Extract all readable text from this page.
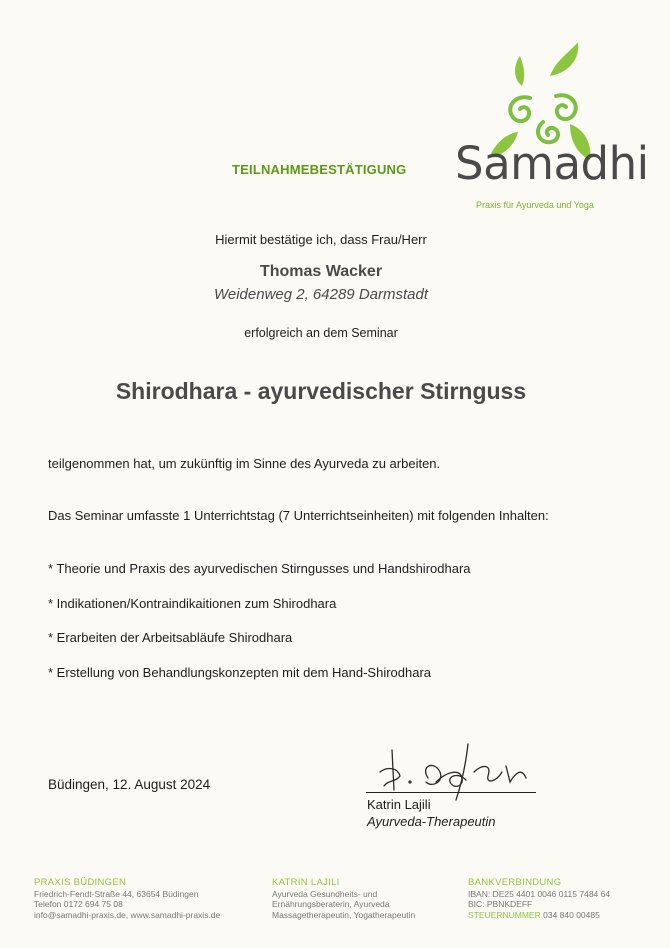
TEILNAHMEBESTÄTIGUNG Samadhi
Praxis für Ayurveda und Yoga
Hiermit bestätige ich, dass Frau/Herr
Thomas Wacker
Weidenweg 2, 64289 Darmstadt
erfolgreich an dem Seminar
Shirodhara - ayurvedischer Stirnguss
teilgenommen hat, um zukünftig im Sinne des Ayurveda zu arbeiten.
Das Seminar umfasste 1 Unterrichtstag (7 Unterrichtseinheiten) mit folgenden Inhalten:
* Theorie und Praxis des ayurvedischen Stirngusses und Handshirodhara
* Indikationen/Kontraindikaitionen zum Shirodhara
* Erarbeiten der Arbeitsabläufe Shirodhara
* Erstellung von Behandlungskonzepten mit dem Hand-Shirodhara
Büdingen, 12. August 2024
Katrin Lajili
Ayurveda-Therapeutin
PRAXIS BÜDINGEN
Friedrich-Fendt-Straße 44, 63654 Büdingen
Telefon 0172 694 75 08
info@samadhi-praxis.de, www.samadhi-praxis.de
KATRIN LAJILI
Ayurveda Gesundheits- und
Ernährungsberaterin, Ayurveda
Massagetherapeutin, Yogatherapeutin
BANKVERBINDUNG
IBAN: DE25 4401 0046 0115 7484 64
BIC: PBNKDEFF
STEUERNUMMER 034 840 00485
